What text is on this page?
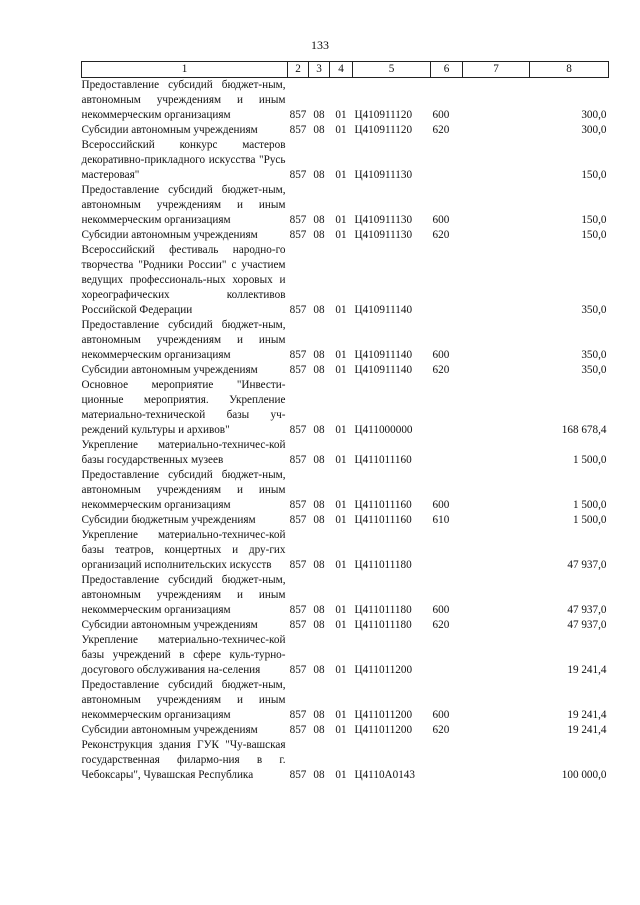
133
1	2	3	4	5	6	7	8
Предоставление субсидий бюджет-ным, автономным учреждениям и иным некоммерческим организациям	857	08	01	Ц410911120	600		300,0
Субсидии автономным учреждениям	857	08	01	Ц410911120	620		300,0
Всероссийский конкурс мастеров декоративно-прикладного искусства "Русь мастеровая"	857	08	01	Ц410911130			150,0
Предоставление субсидий бюджет-ным, автономным учреждениям и иным некоммерческим организациям	857	08	01	Ц410911130	600		150,0
Субсидии автономным учреждениям	857	08	01	Ц410911130	620		150,0
Всероссийский фестиваль народно-го творчества "Родники России" с участием ведущих профессиональ-ных хоровых и хореографических коллективов Российской Федерации	857	08	01	Ц410911140			350,0
Предоставление субсидий бюджет-ным, автономным учреждениям и иным некоммерческим организациям	857	08	01	Ц410911140	600		350,0
Субсидии автономным учреждениям	857	08	01	Ц410911140	620		350,0
Основное мероприятие "Инвести-ционные мероприятия. Укрепление материально-технической базы уч-реждений культуры и архивов"	857	08	01	Ц411000000			168 678,4
Укрепление материально-техничес-кой базы государственных музеев	857	08	01	Ц411011160			1 500,0
Предоставление субсидий бюджет-ным, автономным учреждениям и иным некоммерческим организациям	857	08	01	Ц411011160	600		1 500,0
Субсидии бюджетным учреждениям	857	08	01	Ц411011160	610		1 500,0
Укрепление материально-техничес-кой базы театров, концертных и дру-гих организаций исполнительских искусств	857	08	01	Ц411011180			47 937,0
Предоставление субсидий бюджет-ным, автономным учреждениям и иным некоммерческим организациям	857	08	01	Ц411011180	600		47 937,0
Субсидии автономным учреждениям	857	08	01	Ц411011180	620		47 937,0
Укрепление материально-техничес-кой базы учреждений в сфере куль-турно-досугового обслуживания на-селения	857	08	01	Ц411011200			19 241,4
Предоставление субсидий бюджет-ным, автономным учреждениям и иным некоммерческим организациям	857	08	01	Ц411011200	600		19 241,4
Субсидии автономным учреждениям	857	08	01	Ц411011200	620		19 241,4
Реконструкция здания ГУК "Чу-вашская государственная филармо-ния в г. Чебоксары", Чувашская Республика	857	08	01	Ц4110А0143			100 000,0
